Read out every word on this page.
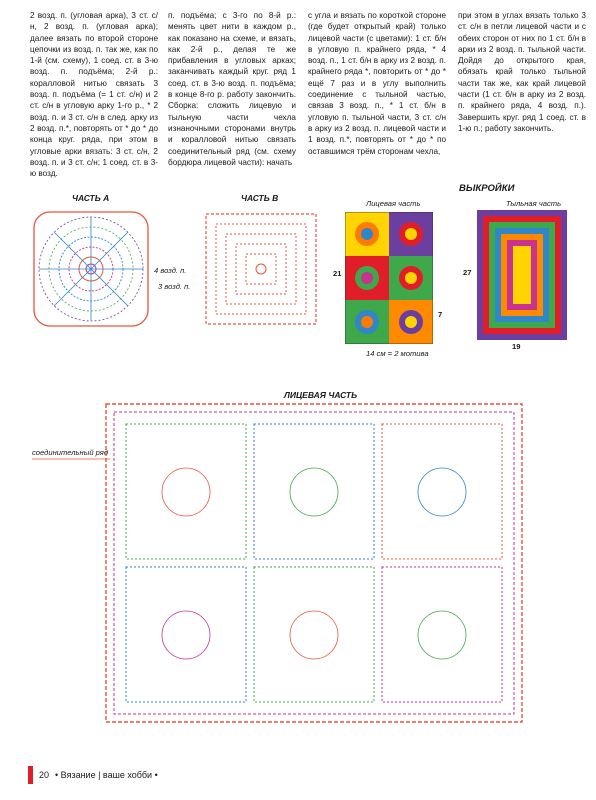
2 возд. п. (угловая арка), 3 ст. с/н, 2 возд. п. (угловая арка); далее вязать по второй стороне цепочки из возд. п. так же, как по 1-й (см. схему), 1 соед. ст. в 3-ю возд. п. подъёма; 2-й р.: коралловой нитью связать 3 возд. п. подъёма (= 1 ст. с/н) и 2 ст. с/н в угловую арку 1-го р., * 2 возд. п. и 3 ст. с/н в след. арку из 2 возд. п.*, повторять от * до * до конца круг. ряда, при этом в угловые арки вязать: 3 ст. с/н, 2 возд. п. и 3 ст. с/н; 1 соед. ст. в 3-ю возд.
п. подъёма; с 3-го по 8-й р.: менять цвет нити в каждом р., как показано на схеме, и вязать, как 2-й р., делая те же прибавления в угловых арках; заканчивать каждый круг. ряд 1 соед. ст. в 3-ю возд. п. подъёма; в конце 8-го р. работу закончить. Сборка: сложить лицевую и тыльную части чехла изнаночными сторонами внутрь и коралловой нитью связать соединительный ряд (см. схему бордюра лицевой части): начать
с угла и вязать по короткой стороне (где будет открытый край) только лицевой части (с цветами): 1 ст. б/н в угловую п. крайнего ряда, * 4 возд. п., 1 ст. б/н в арку из 2 возд. п. крайнего ряда *, повторить от * до * ещё 7 раз и в углу выполнить соединение с тыльной частью, связав 3 возд. п., * 1 ст. б/н в угловую п. тыльной части, 3 ст. с/н в арку из 2 возд. п. лицевой части и 1 возд. п.*, повторять от * до * по оставшимся трём сторонам чехла,
при этом в углах вязать только 3 ст. с/н в петли лицевой части и с обеих сторон от них по 1 ст. б/н в арки из 2 возд. п. тыльной части. Дойдя до открытого края, обязать край только тыльной части так же, как край лицевой части (1 ст. б/н в арку из 2 возд. п. крайнего ряда, 4 возд. п.). Завершить круг. ряд 1 соед. ст. в 1-ю п.; работу закончить.
ЧАСТЬ А	ЧАСТЬ В
ВЫКРОЙКИ
Лицевая часть	Тыльная часть
4 возд. п.
3 возд. п.
21
7
14 см = 2 мотива
27
19
ЛИЦЕВАЯ ЧАСТЬ
соединительный ряд
20 • Вязание | ваше хобби •
